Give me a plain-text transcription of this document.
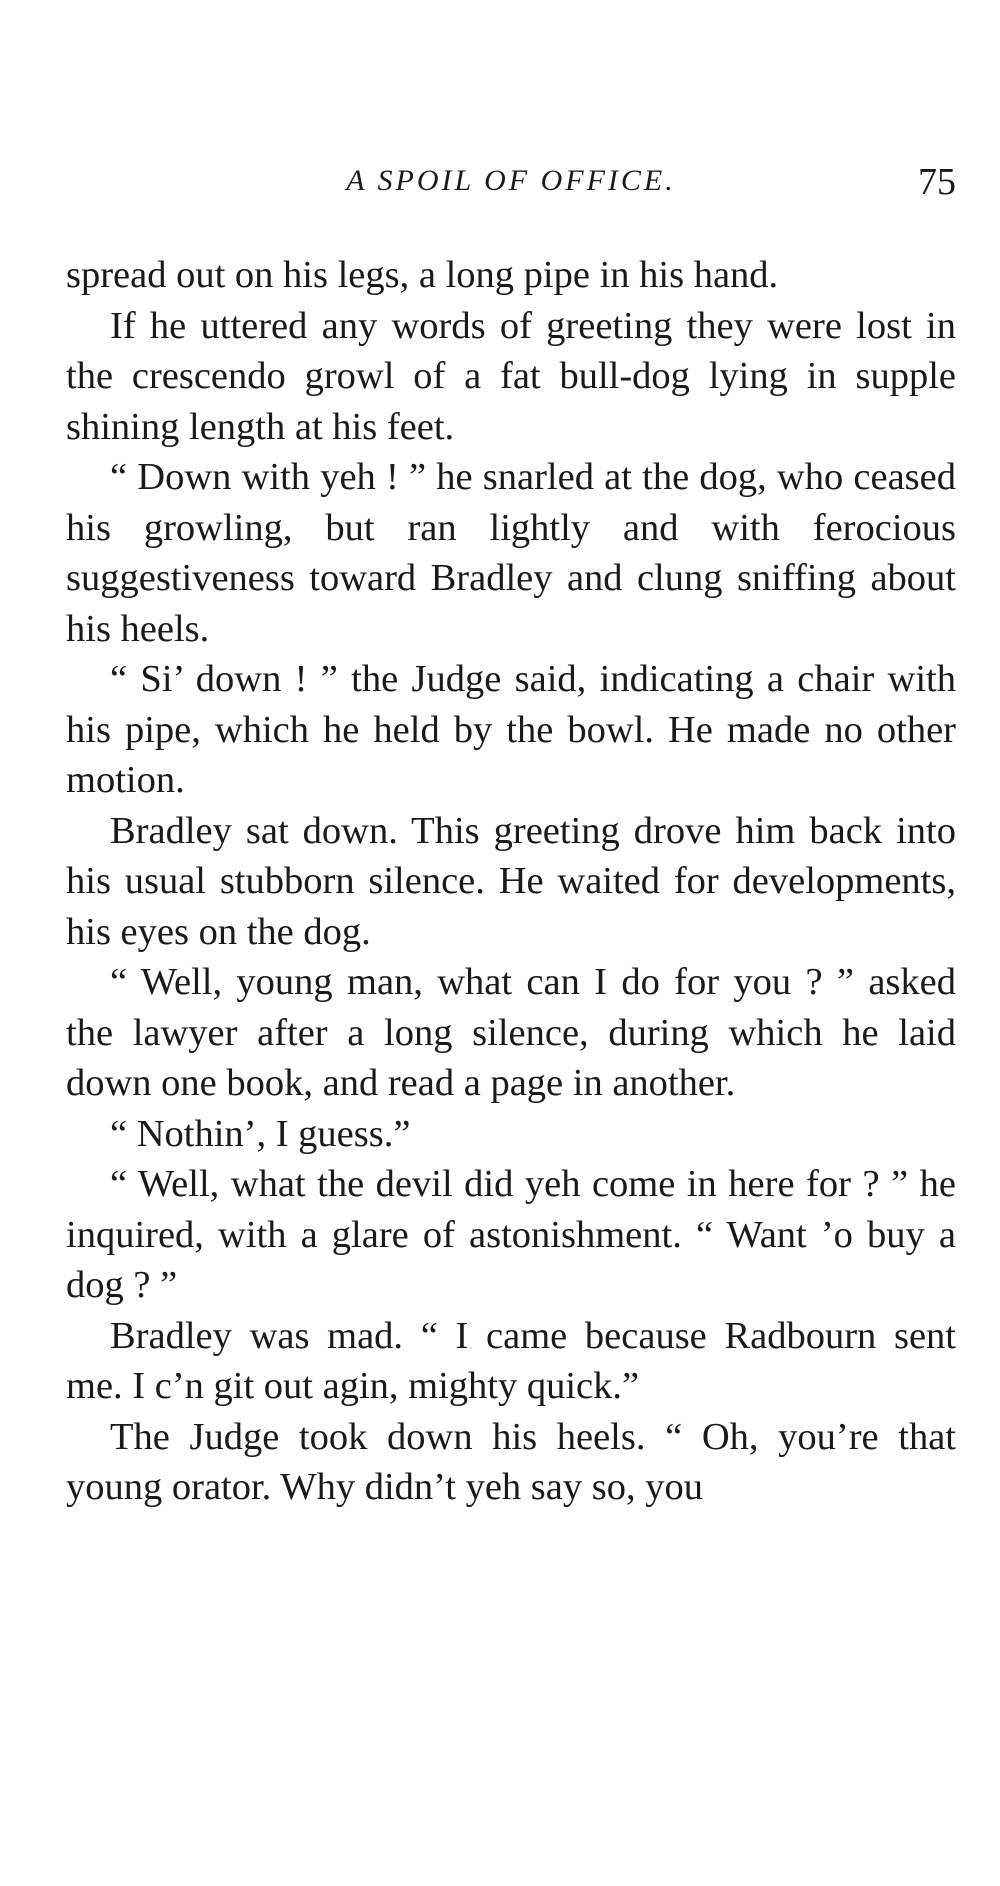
A SPOIL OF OFFICE.	75

spread out on his legs, a long pipe in his hand.

If he uttered any words of greeting they were lost in the crescendo growl of a fat bull-dog lying in supple shining length at his feet.

“ Down with yeh ! ” he snarled at the dog, who ceased his growling, but ran lightly and with ferocious suggestiveness toward Bradley and clung sniffing about his heels.

“ Si’ down ! ” the Judge said, indicating a chair with his pipe, which he held by the bowl. He made no other motion.

Bradley sat down. This greeting drove him back into his usual stubborn silence. He waited for developments, his eyes on the dog.

“ Well, young man, what can I do for you ? ” asked the lawyer after a long silence, during which he laid down one book, and read a page in another.

“ Nothin’, I guess.”

“ Well, what the devil did yeh come in here for ? ” he inquired, with a glare of astonishment. “ Want ’o buy a dog ? ”

Bradley was mad. “ I came because Radbourn sent me. I c’n git out agin, mighty quick.”

The Judge took down his heels. “ Oh, you’re that young orator. Why didn’t yeh say so, you
